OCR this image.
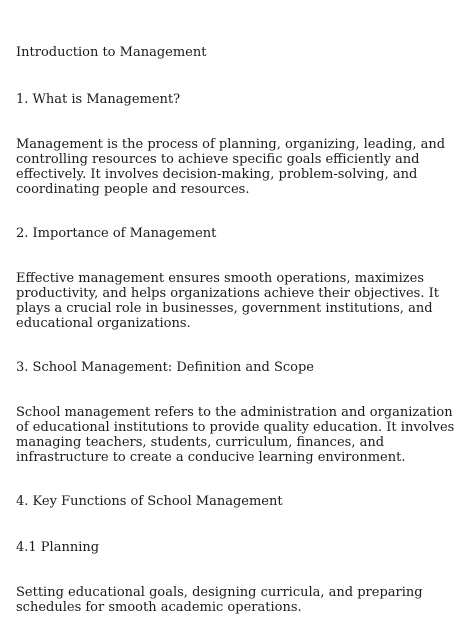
Introduction to Management

1. What is Management?

Management is the process of planning, organizing, leading, and controlling resources to achieve specific goals efficiently and effectively. It involves decision-making, problem-solving, and coordinating people and resources.

2. Importance of Management

Effective management ensures smooth operations, maximizes productivity, and helps organizations achieve their objectives. It plays a crucial role in businesses, government institutions, and educational organizations.

3. School Management: Definition and Scope

School management refers to the administration and organization of educational institutions to provide quality education. It involves managing teachers, students, curriculum, finances, and infrastructure to create a conducive learning environment.

4. Key Functions of School Management

4.1 Planning

Setting educational goals, designing curricula, and preparing schedules for smooth academic operations.
